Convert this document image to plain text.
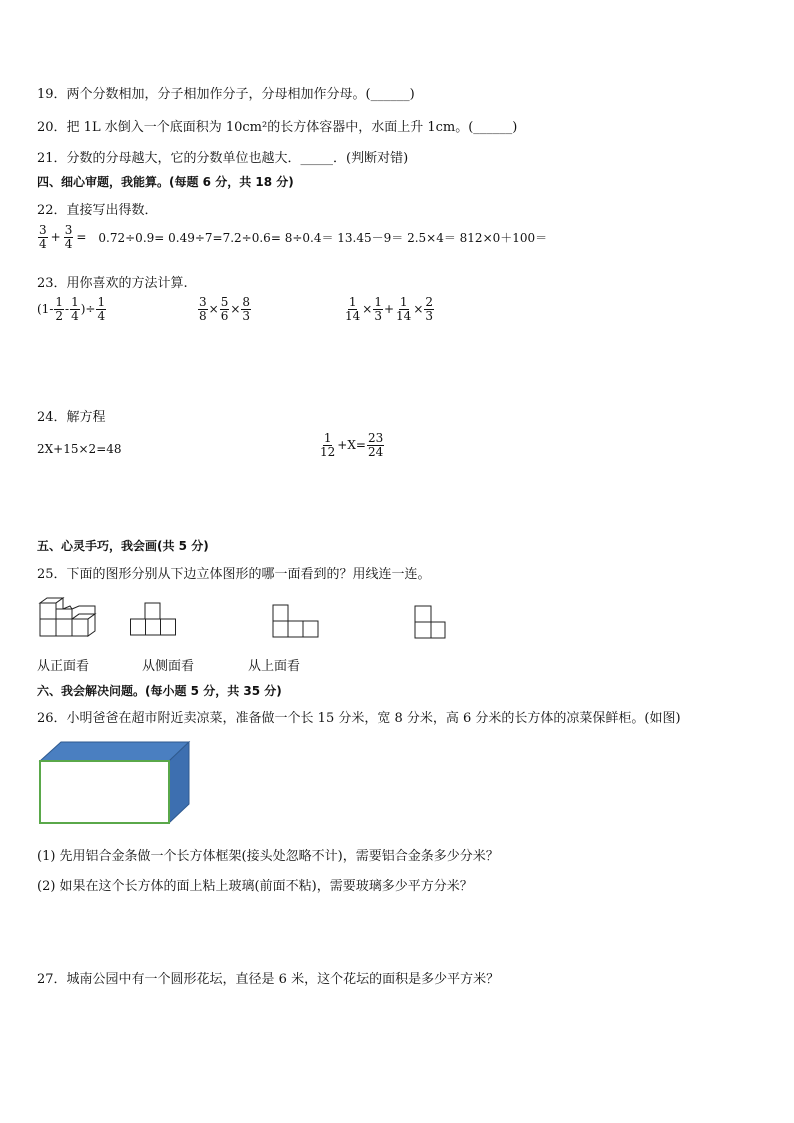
19．两个分数相加，分子相加作分子，分母相加作分母。(______)
20．把 1L 水倒入一个底面积为 10cm²的长方体容器中，水面上升 1cm。(______)
21．分数的分母越大，它的分数单位也越大．_____．(判断对错)
四、细心审题，我能算。(每题 6 分，共 18 分)
22．直接写出得数．
$\frac{3}{4} + \frac{3}{4} = 0.72\div 0.9= 0.49\div 7=7.2\div 0.6= 8\div 0.4= 13.45-9= 2.5\times 4= 812\times 0+100=$
23．用你喜欢的方法计算.
($1- \frac{1}{2} - \frac{1}{4}$ )÷ $\frac{1}{4}$	$\frac{3}{8} \times \frac{5}{6} \times \frac{8}{3}$	$\frac{1}{14} \times \frac{1}{3} + \frac{1}{14} \times \frac{2}{3}$
24．解方程
2X+15×2=48	$\frac{1}{12} +X= \frac{23}{24}$
五、心灵手巧，我会画(共 5 分)
25．下面的图形分别从下边立体图形的哪一面看到的？用线连一连。
从正面看	从侧面看	从上面看
六、我会解决问题。(每小题 5 分，共 35 分)
26．小明爸爸在超市附近卖凉菜，准备做一个长 15 分米，宽 8 分米，高 6 分米的长方体的凉菜保鲜柜。(如图)
(1) 先用铝合金条做一个长方体框架(接头处忽略不计)，需要铝合金条多少分米？
(2) 如果在这个长方体的面上粘上玻璃(前面不粘)，需要玻璃多少平方分米？
27．城南公园中有一个圆形花坛，直径是 6 米，这个花坛的面积是多少平方米？
